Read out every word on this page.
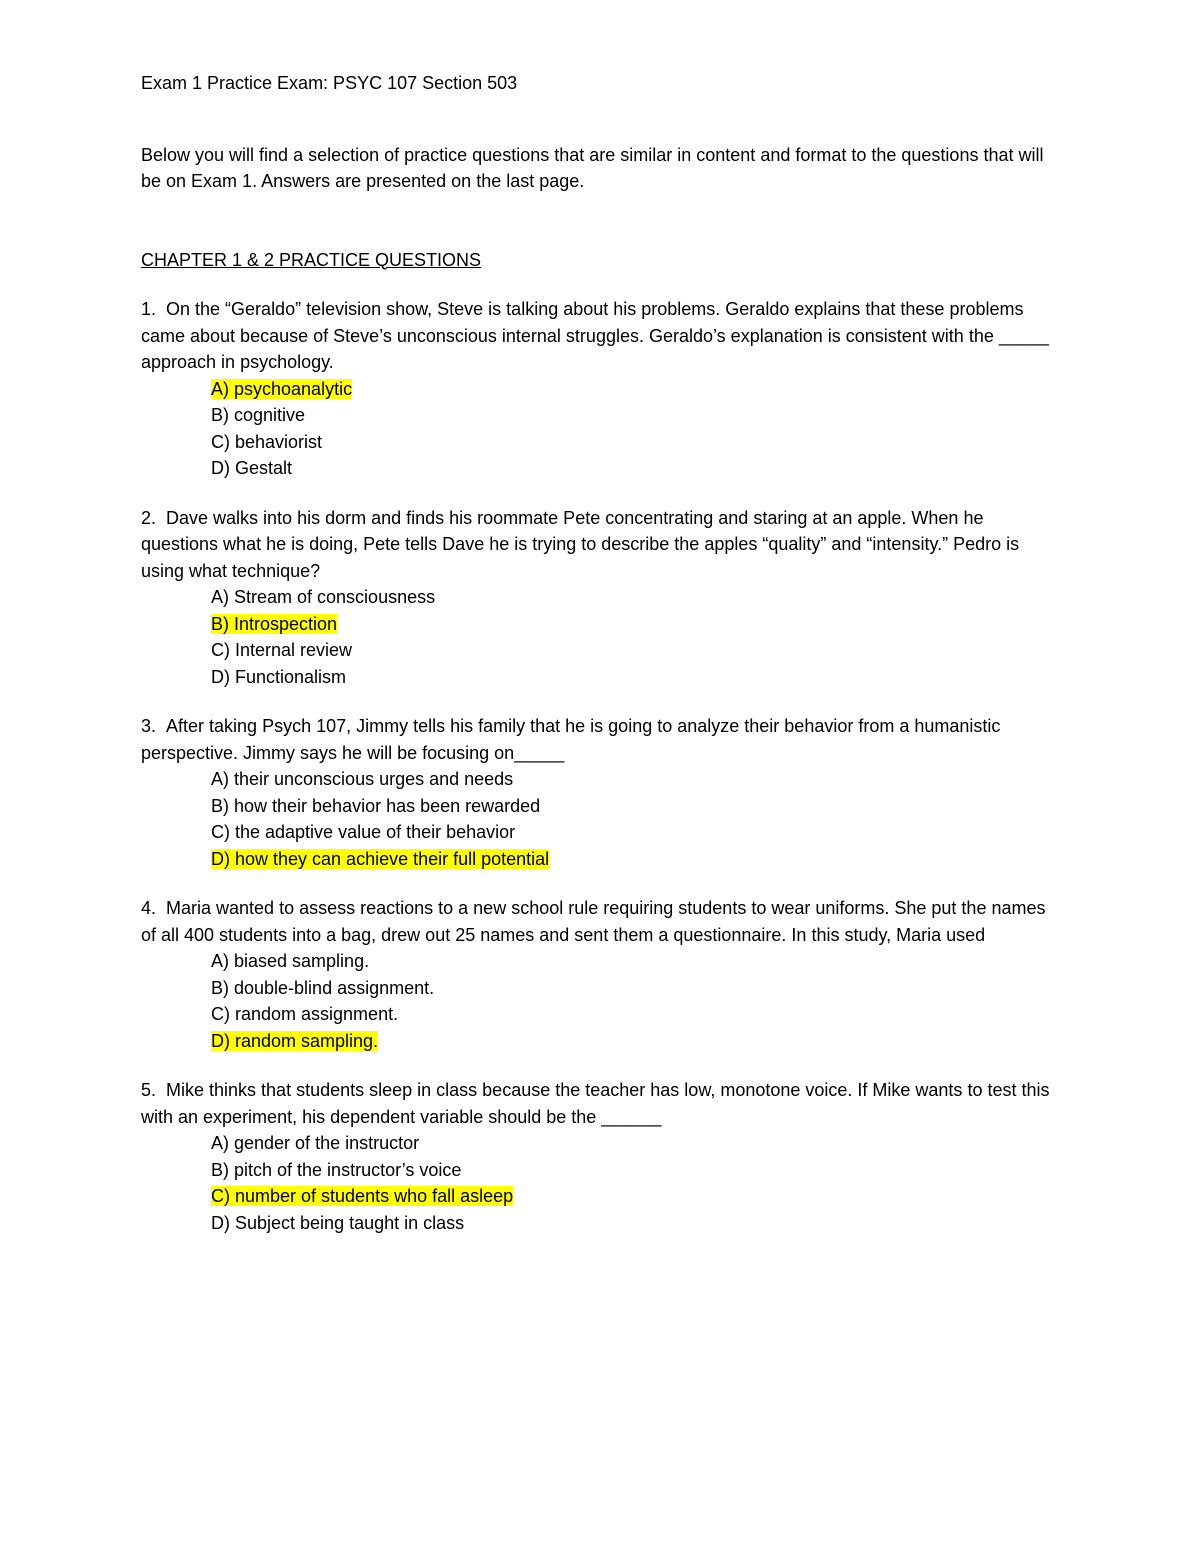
Exam 1 Practice Exam: PSYC 107 Section 503

Below you will find a selection of practice questions that are similar in content and format to the questions that will be on Exam 1. Answers are presented on the last page.

CHAPTER 1 & 2 PRACTICE QUESTIONS

1. On the “Geraldo” television show, Steve is talking about his problems. Geraldo explains that these problems came about because of Steve’s unconscious internal struggles. Geraldo’s explanation is consistent with the _____ approach in psychology.

A) psychoanalytic
B) cognitive
C) behaviorist
D) Gestalt

2. Dave walks into his dorm and finds his roommate Pete concentrating and staring at an apple. When he questions what he is doing, Pete tells Dave he is trying to describe the apples “quality” and “intensity.” Pedro is using what technique?

A) Stream of consciousness
B) Introspection
C) Internal review
D) Functionalism

3. After taking Psych 107, Jimmy tells his family that he is going to analyze their behavior from a humanistic perspective. Jimmy says he will be focusing on_____

A) their unconscious urges and needs
B) how their behavior has been rewarded
C) the adaptive value of their behavior
D) how they can achieve their full potential

4. Maria wanted to assess reactions to a new school rule requiring students to wear uniforms. She put the names of all 400 students into a bag, drew out 25 names and sent them a questionnaire. In this study, Maria used

A) biased sampling.
B) double-blind assignment.
C) random assignment.
D) random sampling.

5. Mike thinks that students sleep in class because the teacher has low, monotone voice. If Mike wants to test this with an experiment, his dependent variable should be the ______

A) gender of the instructor
B) pitch of the instructor’s voice
C) number of students who fall asleep
D) Subject being taught in class
